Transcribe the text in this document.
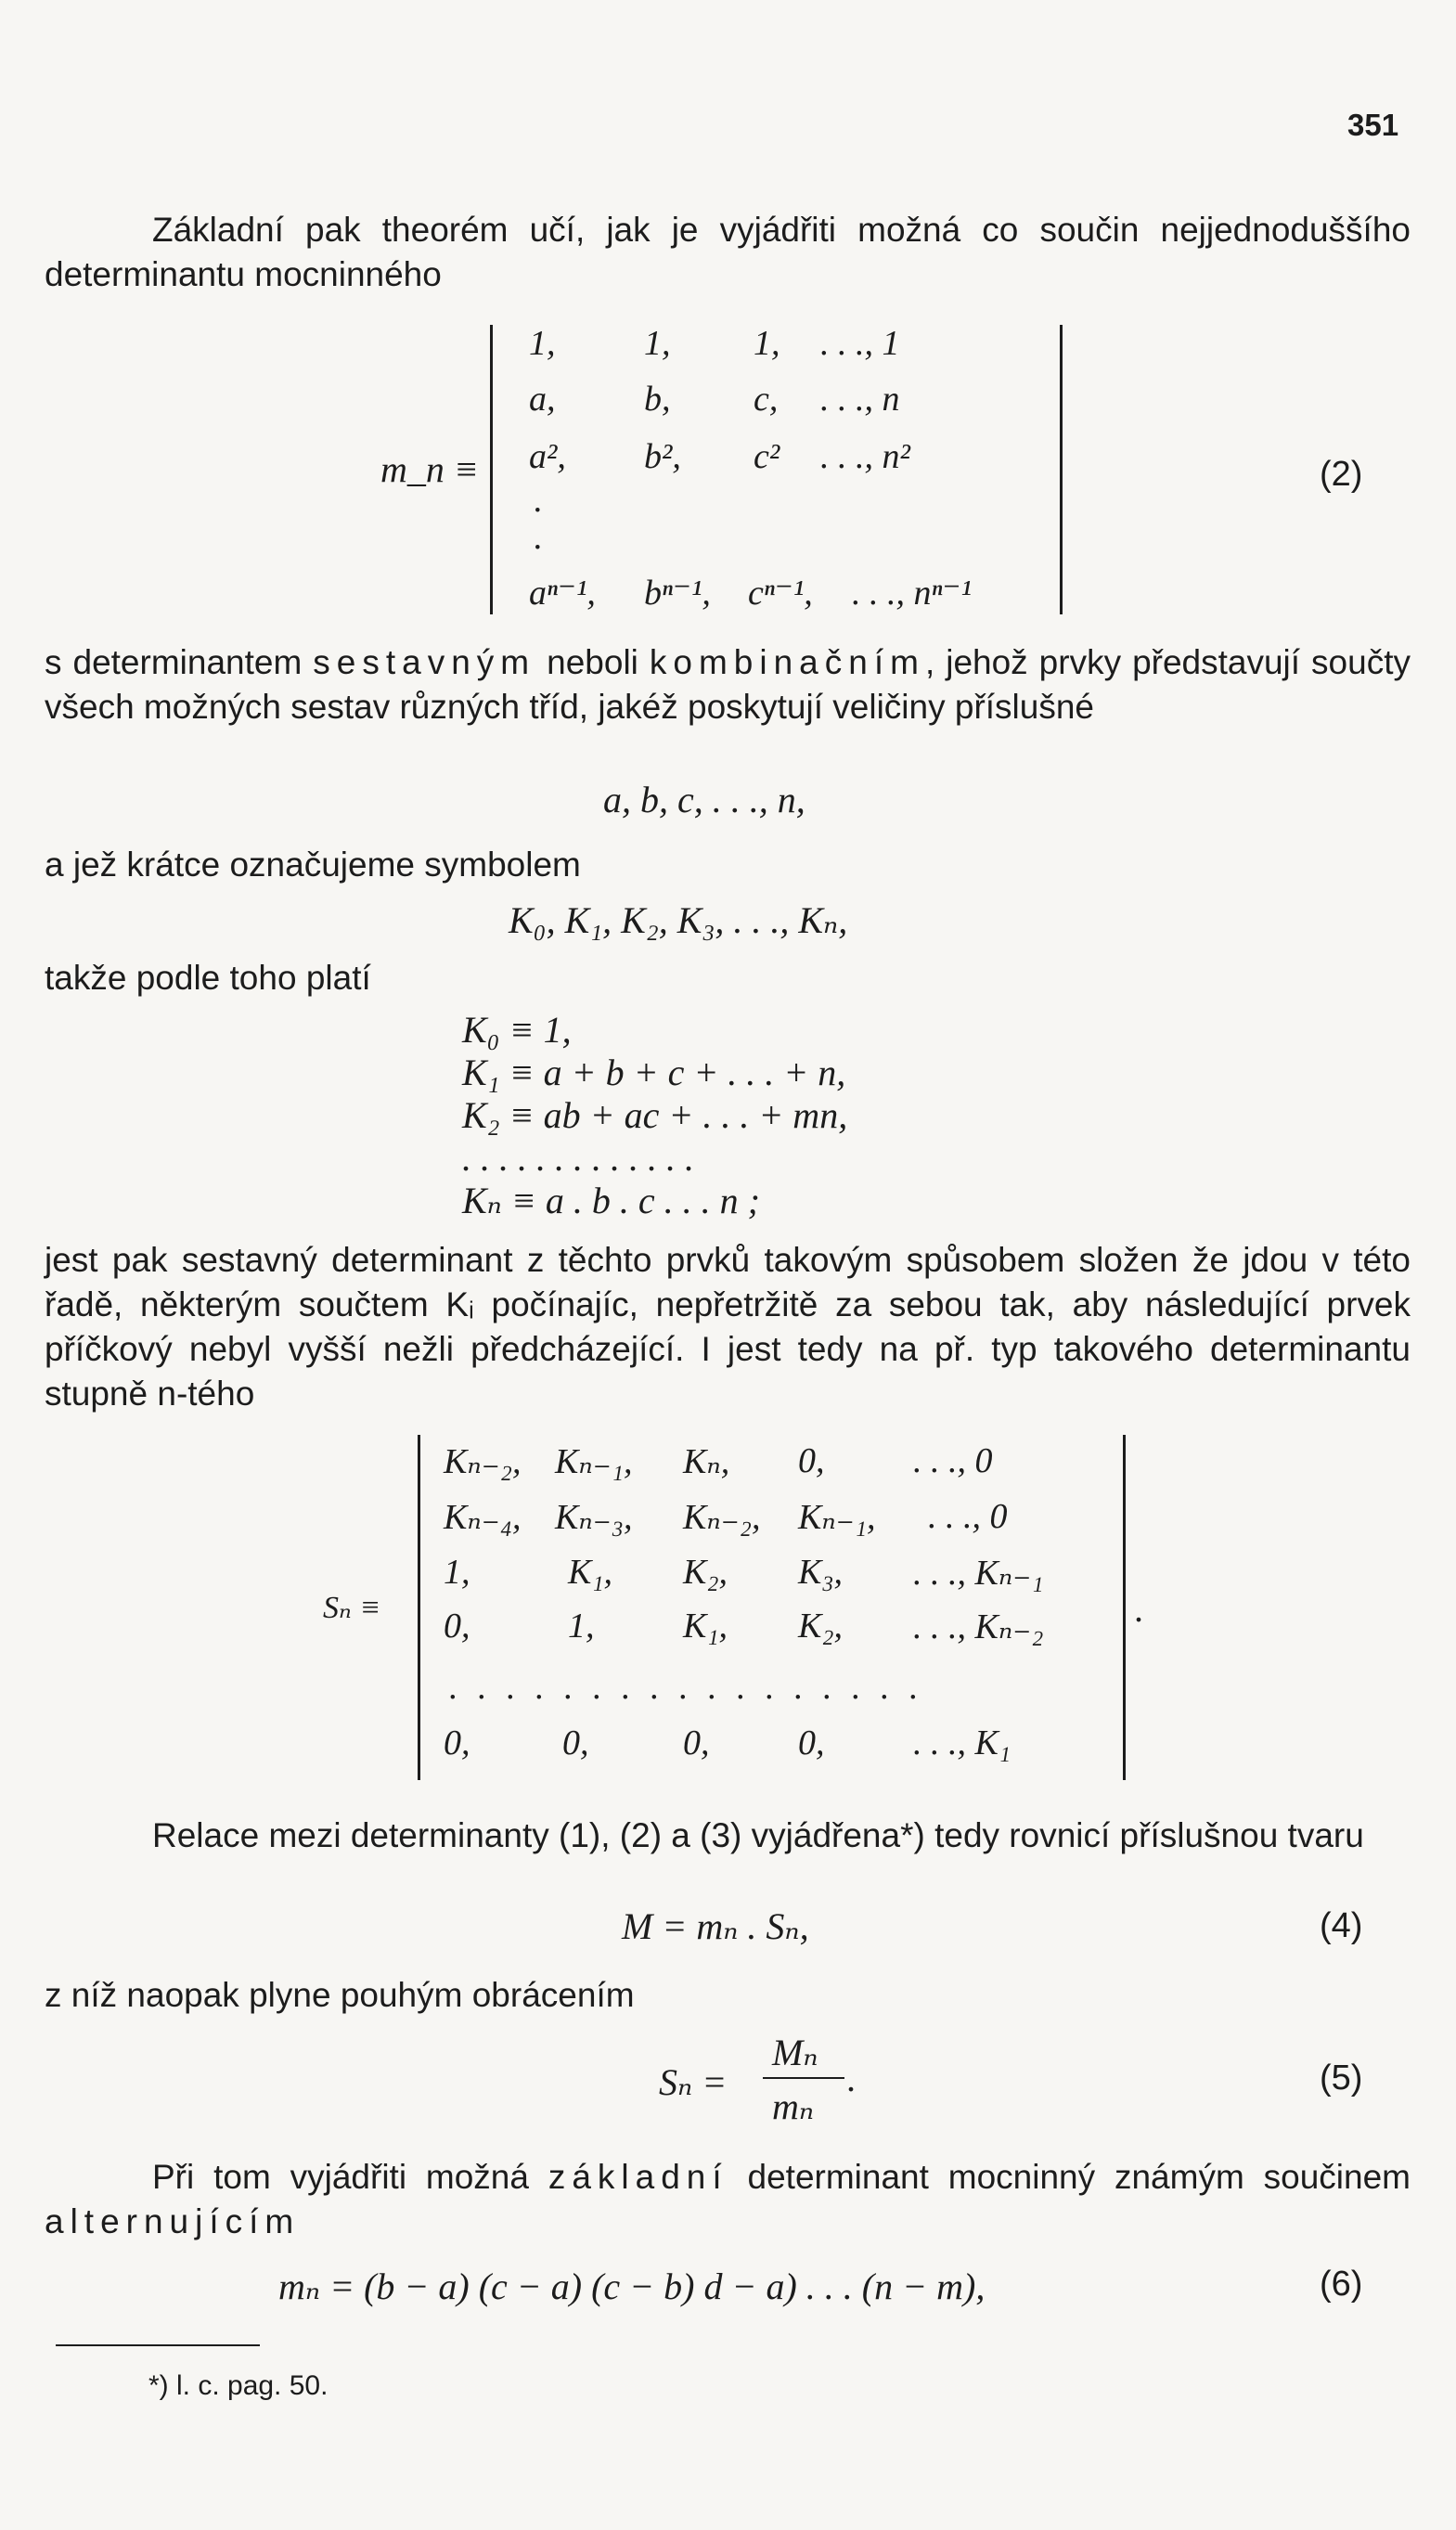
351
Základní pak theorém učí, jak je vyjádřiti možná co součin nejjednoduššího determinantu mocninného
m_n ≡
1,	1, 1, . . ., 1
a,	b, c, . . ., n
a², b², c² . . ., n²
·
·
aⁿ⁻¹, bⁿ⁻¹, cⁿ⁻¹, . . ., nⁿ⁻¹
(2)
s determinantem sestavným neboli kombinačním, jehož prvky představují součty všech možných sestav různých tříd, jakéž poskytují veličiny příslušné
a, b, c, . . ., n,
a jež krátce označujeme symbolem
K₀, K₁, K₂, K₃, . . ., Kₙ,
takže podle toho platí
K₀ ≡ 1,
K₁ ≡ a + b + c + . . . + n,
K₂ ≡ ab + ac + . . . + mn,
. . . . . . . . . . . . .
Kₙ ≡ a . b . c . . . n ;
jest pak sestavný determinant z těchto prvků takovým spůsobem složen že jdou v této řadě, některým součtem Kᵢ počínajíc, nepřetržitě za sebou tak, aby následující prvek příčkový nebyl vyšší nežli předcházející. I jest tedy na př. typ takového determinantu stupně n-tého
Sₙ ≡
Kₙ₋₂, Kₙ₋₁, Kₙ, 0,	. . ., 0
Kₙ₋₄, Kₙ₋₃, Kₙ₋₂, Kₙ₋₁, . . ., 0
1,	K₁, K₂, K₃, . . ., Kₙ₋₁
0,	1,	K₁, K₂, . . ., Kₙ₋₂
. . . . . . . . . . . . . . . . .
0,	0,	0,	0,	. . ., K₁
.
Relace mezi determinanty (1), (2) a (3) vyjádřena*) tedy rovnicí příslušnou tvaru
M = mₙ . Sₙ,	(4)
z níž naopak plyne pouhým obrácením
Sₙ =
Mₙ
mₙ
.	(5)
Při tom vyjádřiti možná základní determinant mocninný známým součinem alternujícím
mₙ = (b − a) (c − a) (c − b) d − a) . . . (n − m),	(6)
*) l. c. pag. 50.
